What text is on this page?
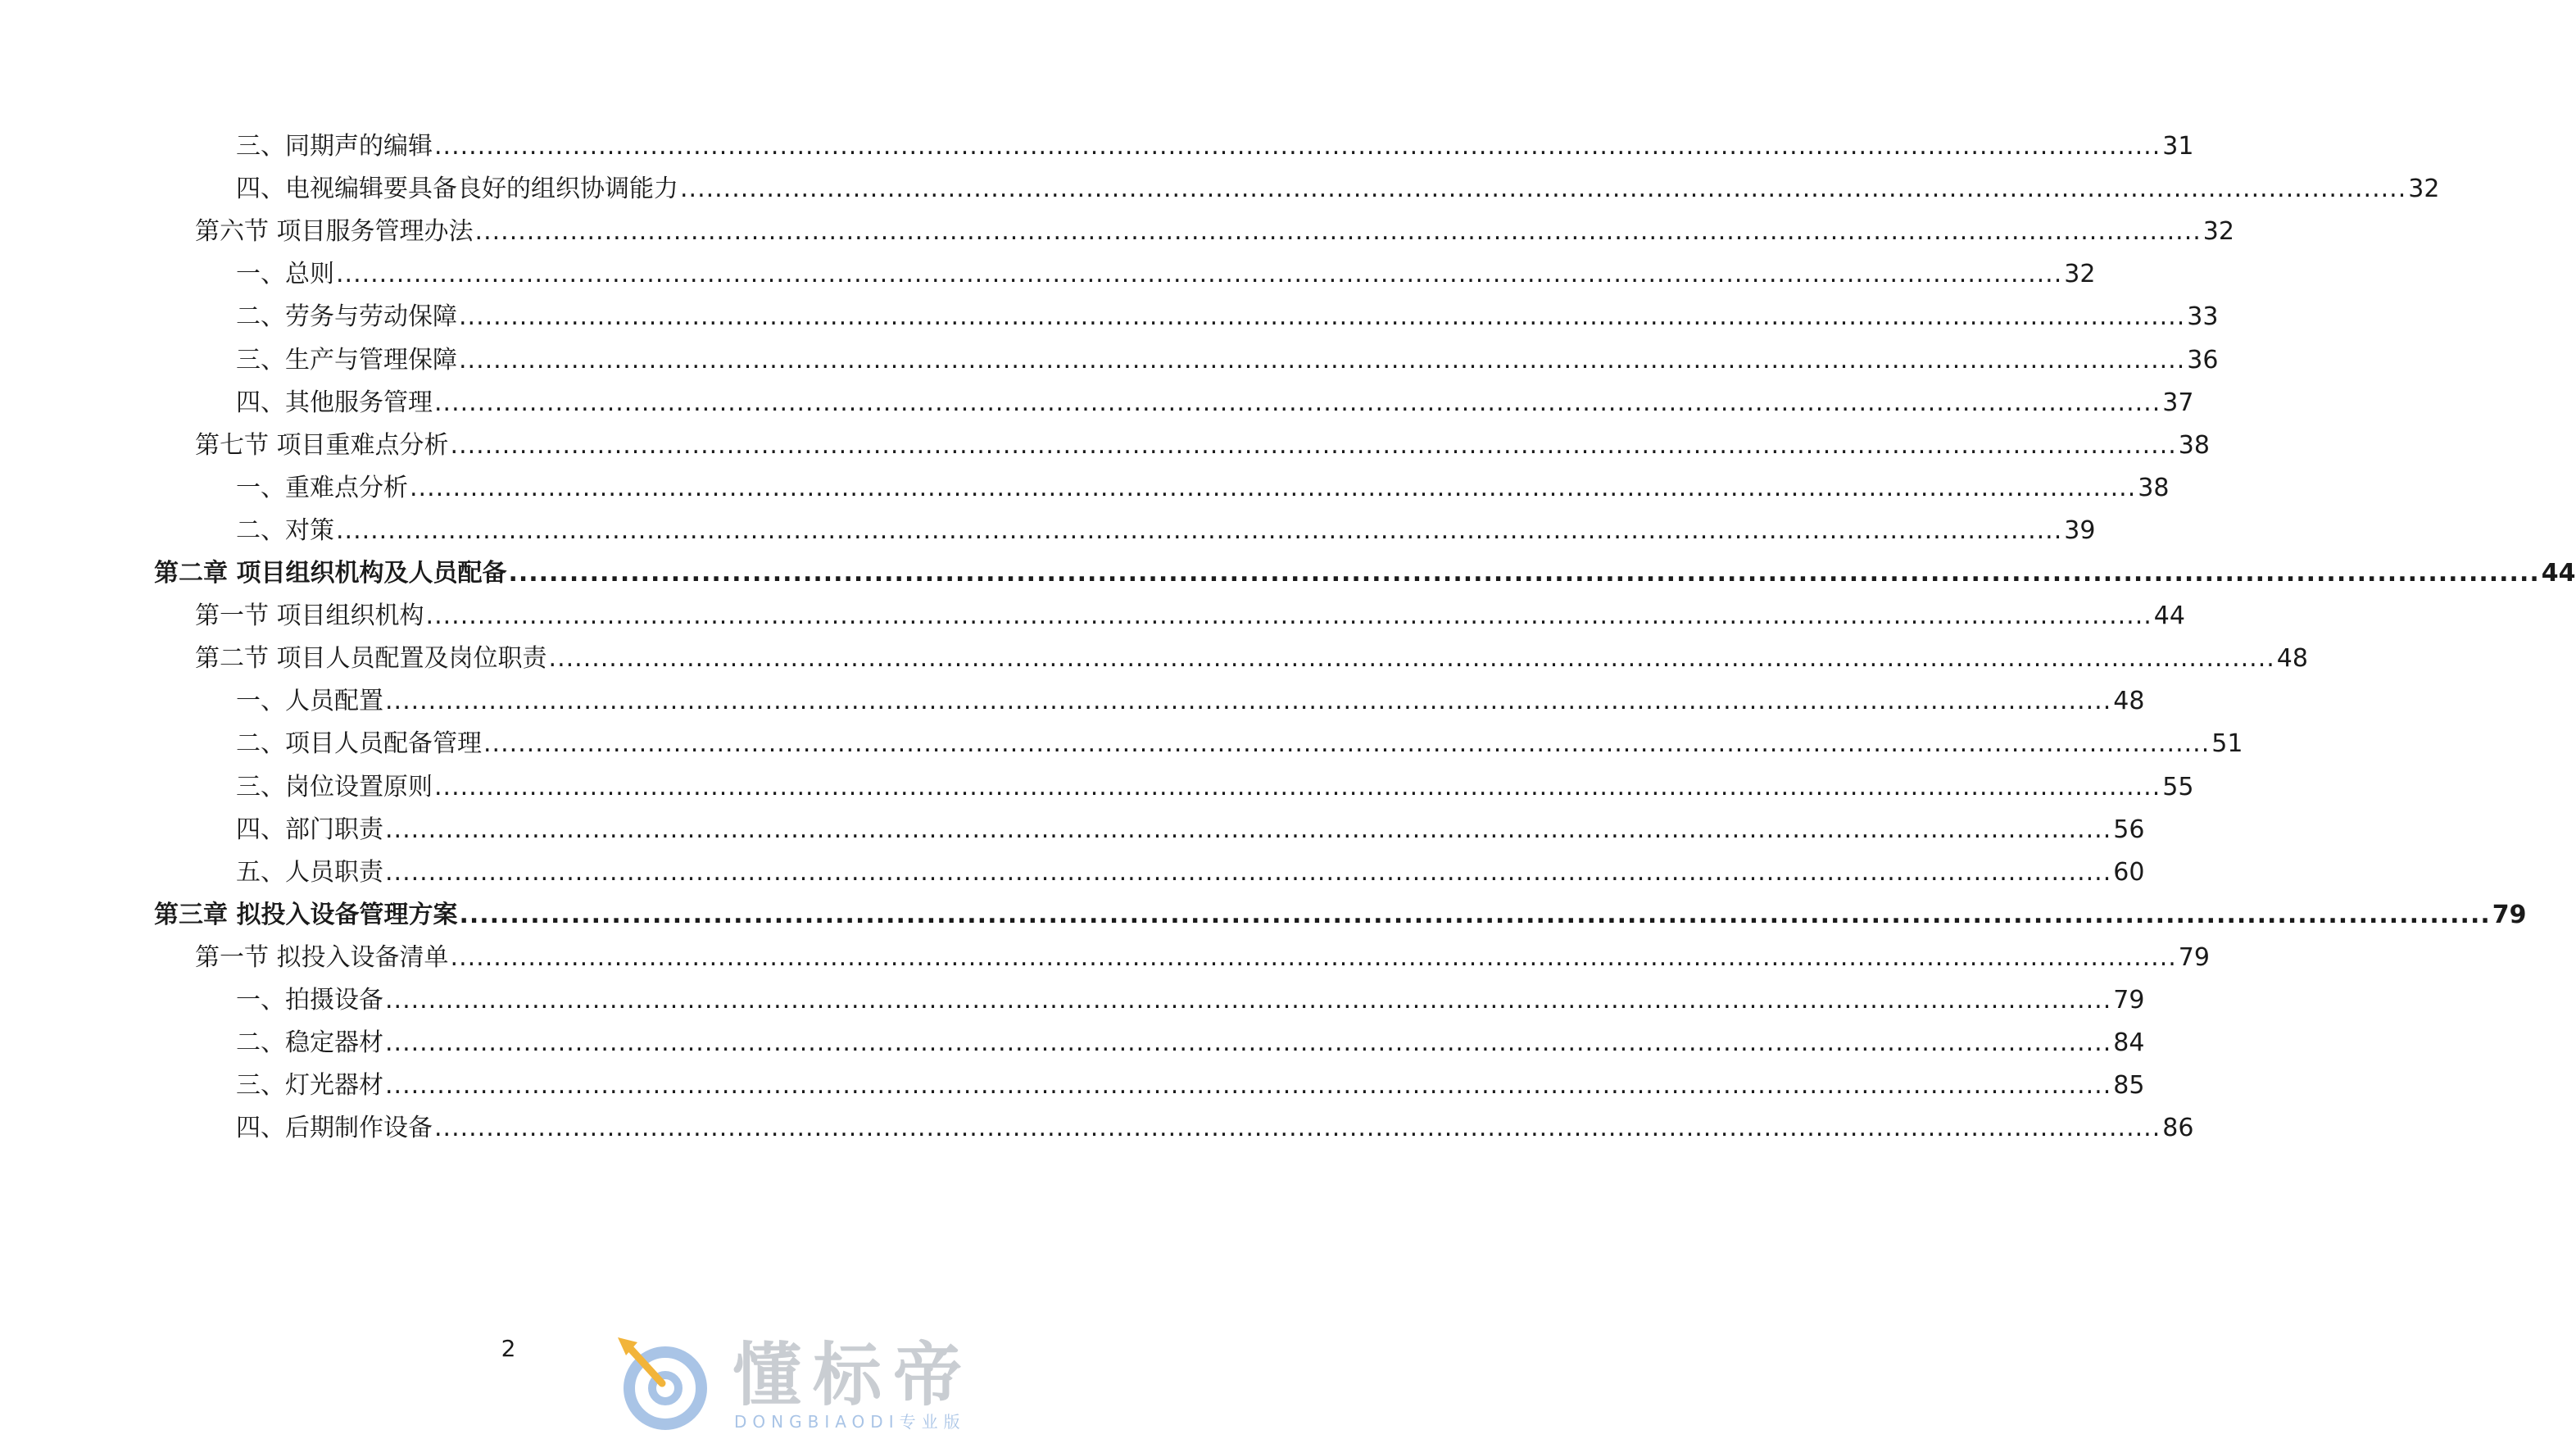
三、同期声的编辑 ........................................................................................................................................................................................................ 31
四、电视编辑要具备良好的组织协调能力 ........................................................................................................................................................................................................ 32
第六节 项目服务管理办法 ........................................................................................................................................................................................................ 32
一、总则 ........................................................................................................................................................................................................ 32
二、劳务与劳动保障 ........................................................................................................................................................................................................ 33
三、生产与管理保障 ........................................................................................................................................................................................................ 36
四、其他服务管理 ........................................................................................................................................................................................................ 37
第七节 项目重难点分析 ........................................................................................................................................................................................................ 38
一、重难点分析 ........................................................................................................................................................................................................ 38
二、对策 ........................................................................................................................................................................................................ 39
第二章 项目组织机构及人员配备 ........................................................................................................................................................................................................ 44
第一节 项目组织机构 ........................................................................................................................................................................................................ 44
第二节 项目人员配置及岗位职责 ........................................................................................................................................................................................................ 48
一、人员配置 ........................................................................................................................................................................................................ 48
二、项目人员配备管理 ........................................................................................................................................................................................................ 51
三、岗位设置原则 ........................................................................................................................................................................................................ 55
四、部门职责 ........................................................................................................................................................................................................ 56
五、人员职责 ........................................................................................................................................................................................................ 60
第三章 拟投入设备管理方案 ........................................................................................................................................................................................................ 79
第一节 拟投入设备清单 ........................................................................................................................................................................................................ 79
一、拍摄设备 ........................................................................................................................................................................................................ 79
二、稳定器材 ........................................................................................................................................................................................................ 84
三、灯光器材 ........................................................................................................................................................................................................ 85
四、后期制作设备 ........................................................................................................................................................................................................ 86
2	懂标帝
DONGBIAODI专业版
